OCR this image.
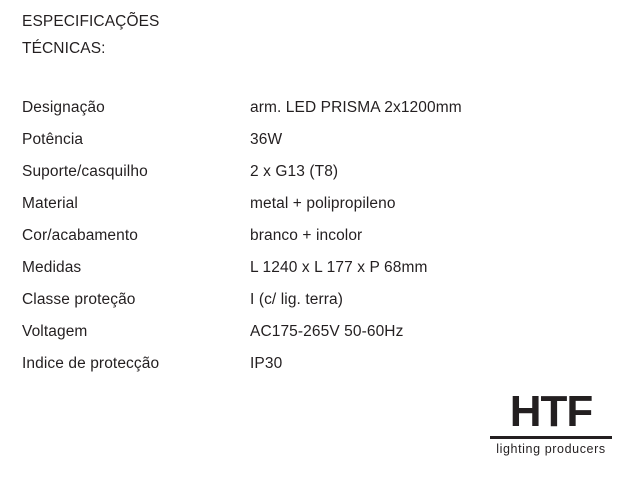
ESPECIFICAÇÕES
TÉCNICAS:
Designação	arm. LED PRISMA 2x1200mm
Potência	36W
Suporte/casquilho	2 x G13 (T8)
Material	metal + polipropileno
Cor/acabamento	branco + incolor
Medidas	L 1240 x L 177 x P 68mm
Classe proteção	I (c/ lig. terra)
Voltagem	AC175-265V 50-60Hz
Indice de protecção	IP30
HTF
lighting producers
